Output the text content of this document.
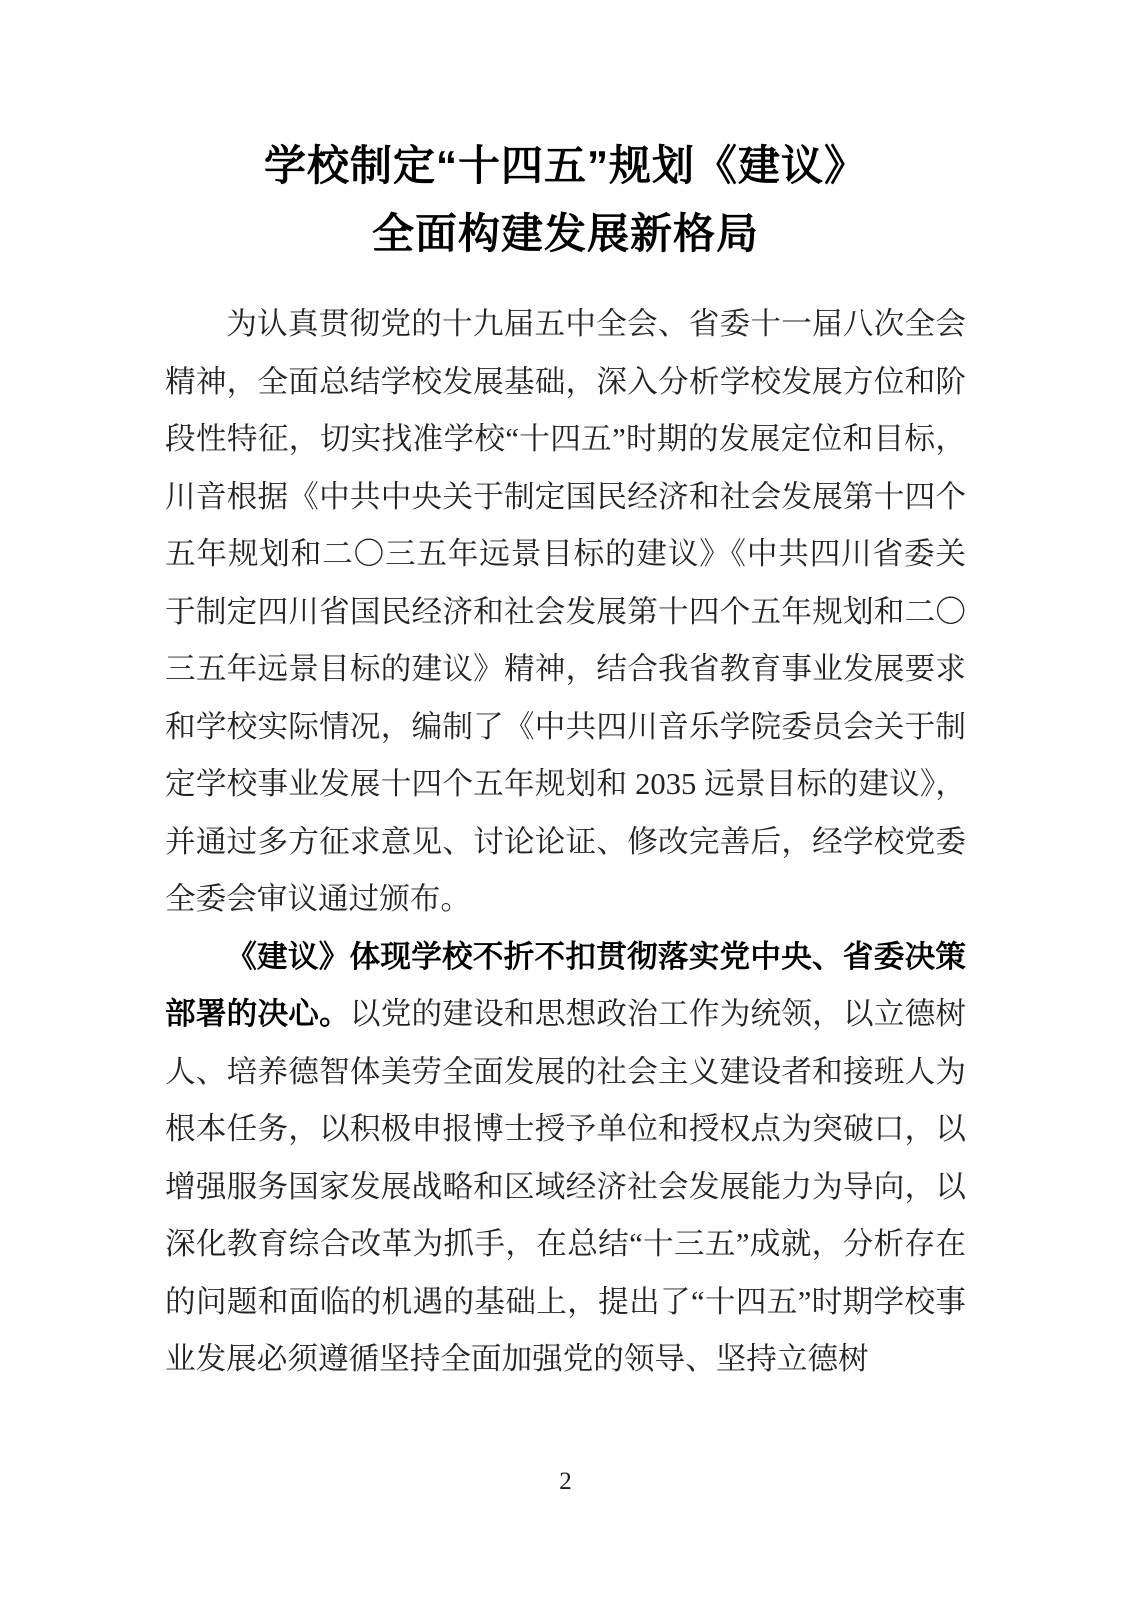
学校制定“十四五”规划《建议》
全面构建发展新格局

为认真贯彻党的十九届五中全会、省委十一届八次全会精神，全面总结学校发展基础，深入分析学校发展方位和阶段性特征，切实找准学校“十四五”时期的发展定位和目标，川音根据《中共中央关于制定国民经济和社会发展第十四个五年规划和二〇三五年远景目标的建议》《中共四川省委关于制定四川省国民经济和社会发展第十四个五年规划和二〇三五年远景目标的建议》精神，结合我省教育事业发展要求和学校实际情况，编制了《中共四川音乐学院委员会关于制定学校事业发展十四个五年规划和 2035 远景目标的建议》，并通过多方征求意见、讨论论证、修改完善后，经学校党委全委会审议通过颁布。

《建议》体现学校不折不扣贯彻落实党中央、省委决策部署的决心。以党的建设和思想政治工作为统领，以立德树人、培养德智体美劳全面发展的社会主义建设者和接班人为根本任务，以积极申报博士授予单位和授权点为突破口，以增强服务国家发展战略和区域经济社会发展能力为导向，以深化教育综合改革为抓手，在总结“十三五”成就，分析存在的问题和面临的机遇的基础上，提出了“十四五”时期学校事业发展必须遵循坚持全面加强党的领导、坚持立德树

2
